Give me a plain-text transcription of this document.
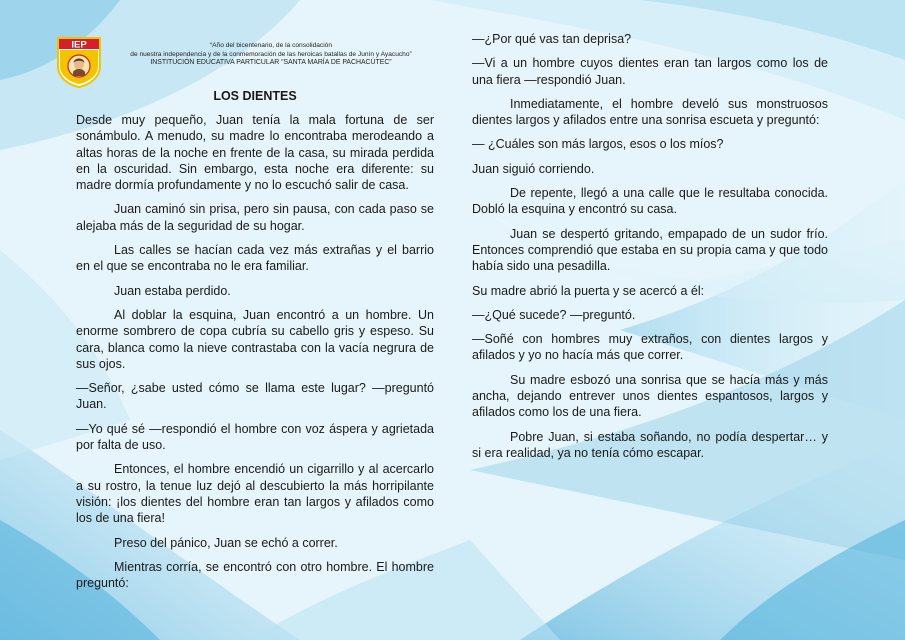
IEP	“Año del bicentenario, de la consolidación
de nuestra independencia y de la conmemoración de las heroicas batallas de Junín y Ayacucho”
INSTITUCIÓN EDUCATIVA PARTICULAR “SANTA MARÍA DE PACHACÚTEC”
LOS DIENTES

Desde muy pequeño, Juan tenía la mala fortuna de ser sonámbulo. A menudo, su madre lo encontraba merodeando a altas horas de la noche en frente de la casa, su mirada perdida en la oscuridad. Sin embargo, esta noche era diferente: su madre dormía profundamente y no lo escuchó salir de casa.

Juan caminó sin prisa, pero sin pausa, con cada paso se alejaba más de la seguridad de su hogar.

Las calles se hacían cada vez más extrañas y el barrio en el que se encontraba no le era familiar.

Juan estaba perdido.

Al doblar la esquina, Juan encontró a un hombre. Un enorme sombrero de copa cubría su cabello gris y espeso. Su cara, blanca como la nieve contrastaba con la vacía negrura de sus ojos.

—Señor, ¿sabe usted cómo se llama este lugar? —preguntó Juan.

—Yo qué sé —respondió el hombre con voz áspera y agrietada por falta de uso.

Entonces, el hombre encendió un cigarrillo y al acercarlo a su rostro, la tenue luz dejó al descubierto la más horripilante visión: ¡los dientes del hombre eran tan largos y afilados como los de una fiera!

Preso del pánico, Juan se echó a correr.

Mientras corría, se encontró con otro hombre. El hombre preguntó:

—¿Por qué vas tan deprisa?

—Vi a un hombre cuyos dientes eran tan largos como los de una fiera —respondió Juan.

Inmediatamente, el hombre develó sus monstruosos dientes largos y afilados entre una sonrisa escueta y preguntó:

— ¿Cuáles son más largos, esos o los míos?

Juan siguió corriendo.

De repente, llegó a una calle que le resultaba conocida. Dobló la esquina y encontró su casa.

Juan se despertó gritando, empapado de un sudor frío. Entonces comprendió que estaba en su propia cama y que todo había sido una pesadilla.

Su madre abrió la puerta y se acercó a él:

—¿Qué sucede? —preguntó.

—Soñé con hombres muy extraños, con dientes largos y afilados y yo no hacía más que correr.

Su madre esbozó una sonrisa que se hacía más y más ancha, dejando entrever unos dientes espantosos, largos y afilados como los de una fiera.

Pobre Juan, si estaba soñando, no podía despertar… y si era realidad, ya no tenía cómo escapar.
